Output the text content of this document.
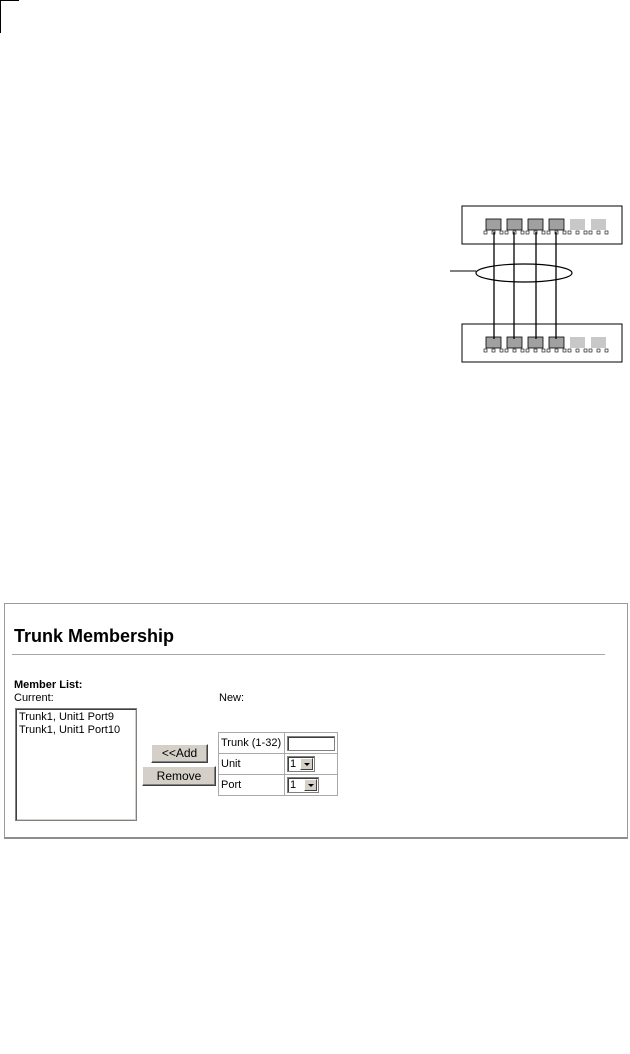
Trunk Membership
Member List:
Current:	New:
Trunk1, Unit1 Port9
Trunk1, Unit1 Port10
<<Add
Remove
Trunk (1-32)	

Unit	1

Port	1
